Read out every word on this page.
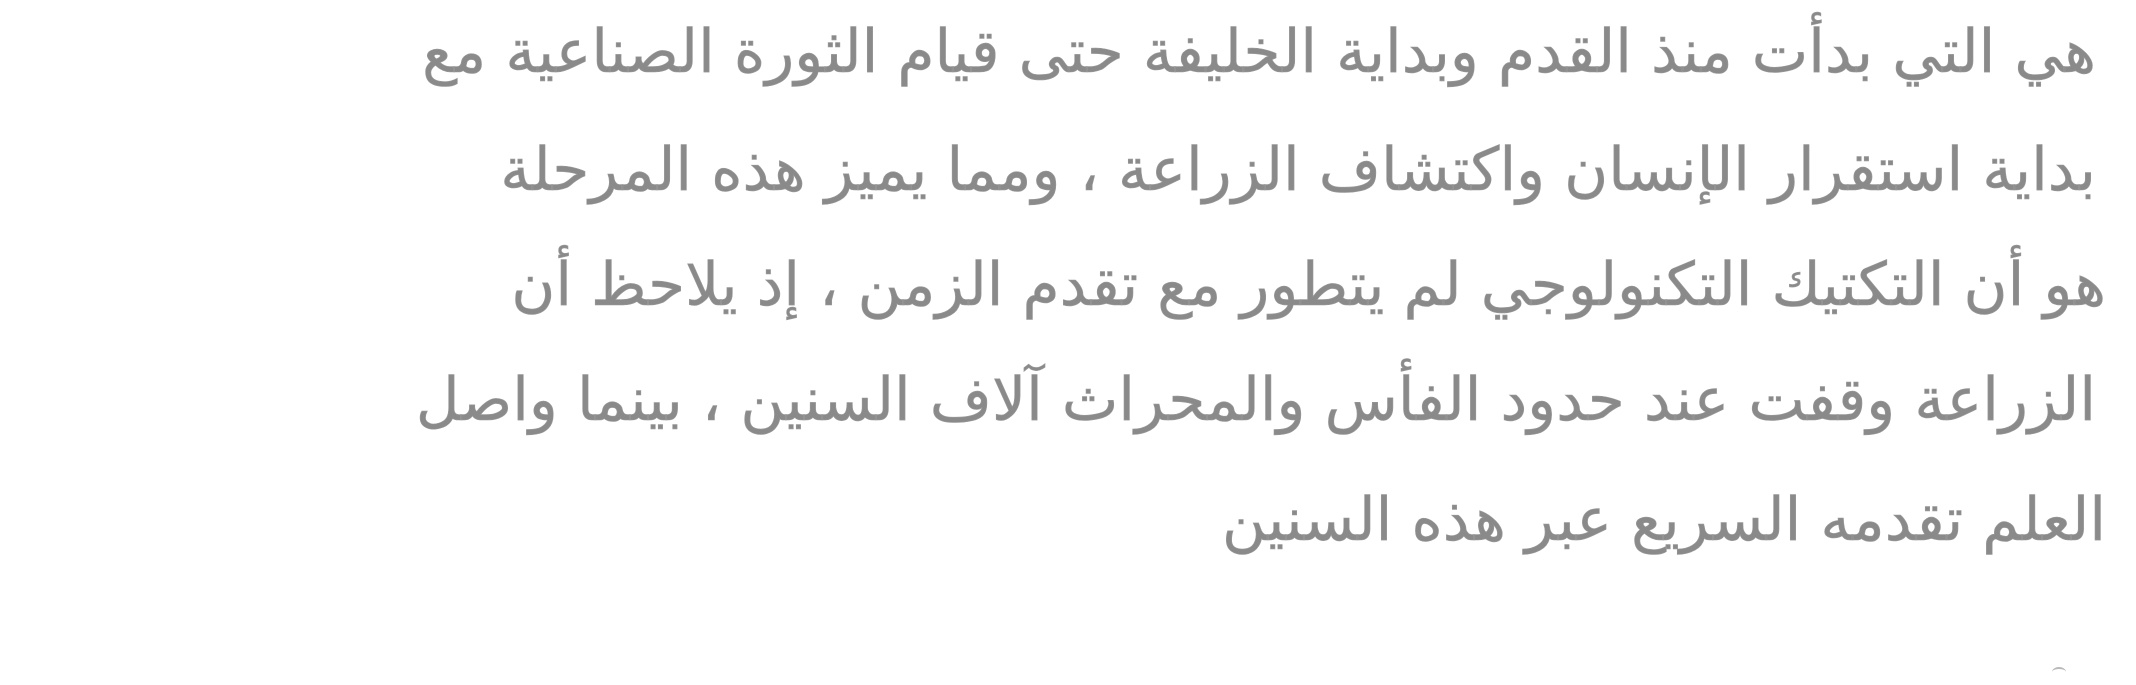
هي التي بدأت منذ القدم وبداية الخليفة حتى قيام الثورة الصناعية مع
بداية استقرار الإنسان واكتشاف الزراعة ، ومما يميز هذه المرحلة
هو أن التكتيك التكنولوجي لم يتطور مع تقدم الزمن ، إذ يلاحظ أن
الزراعة وقفت عند حدود الفأس والمحراث آلاف السنين ، بينما واصل
العلم تقدمه السريع عبر هذه السنين
